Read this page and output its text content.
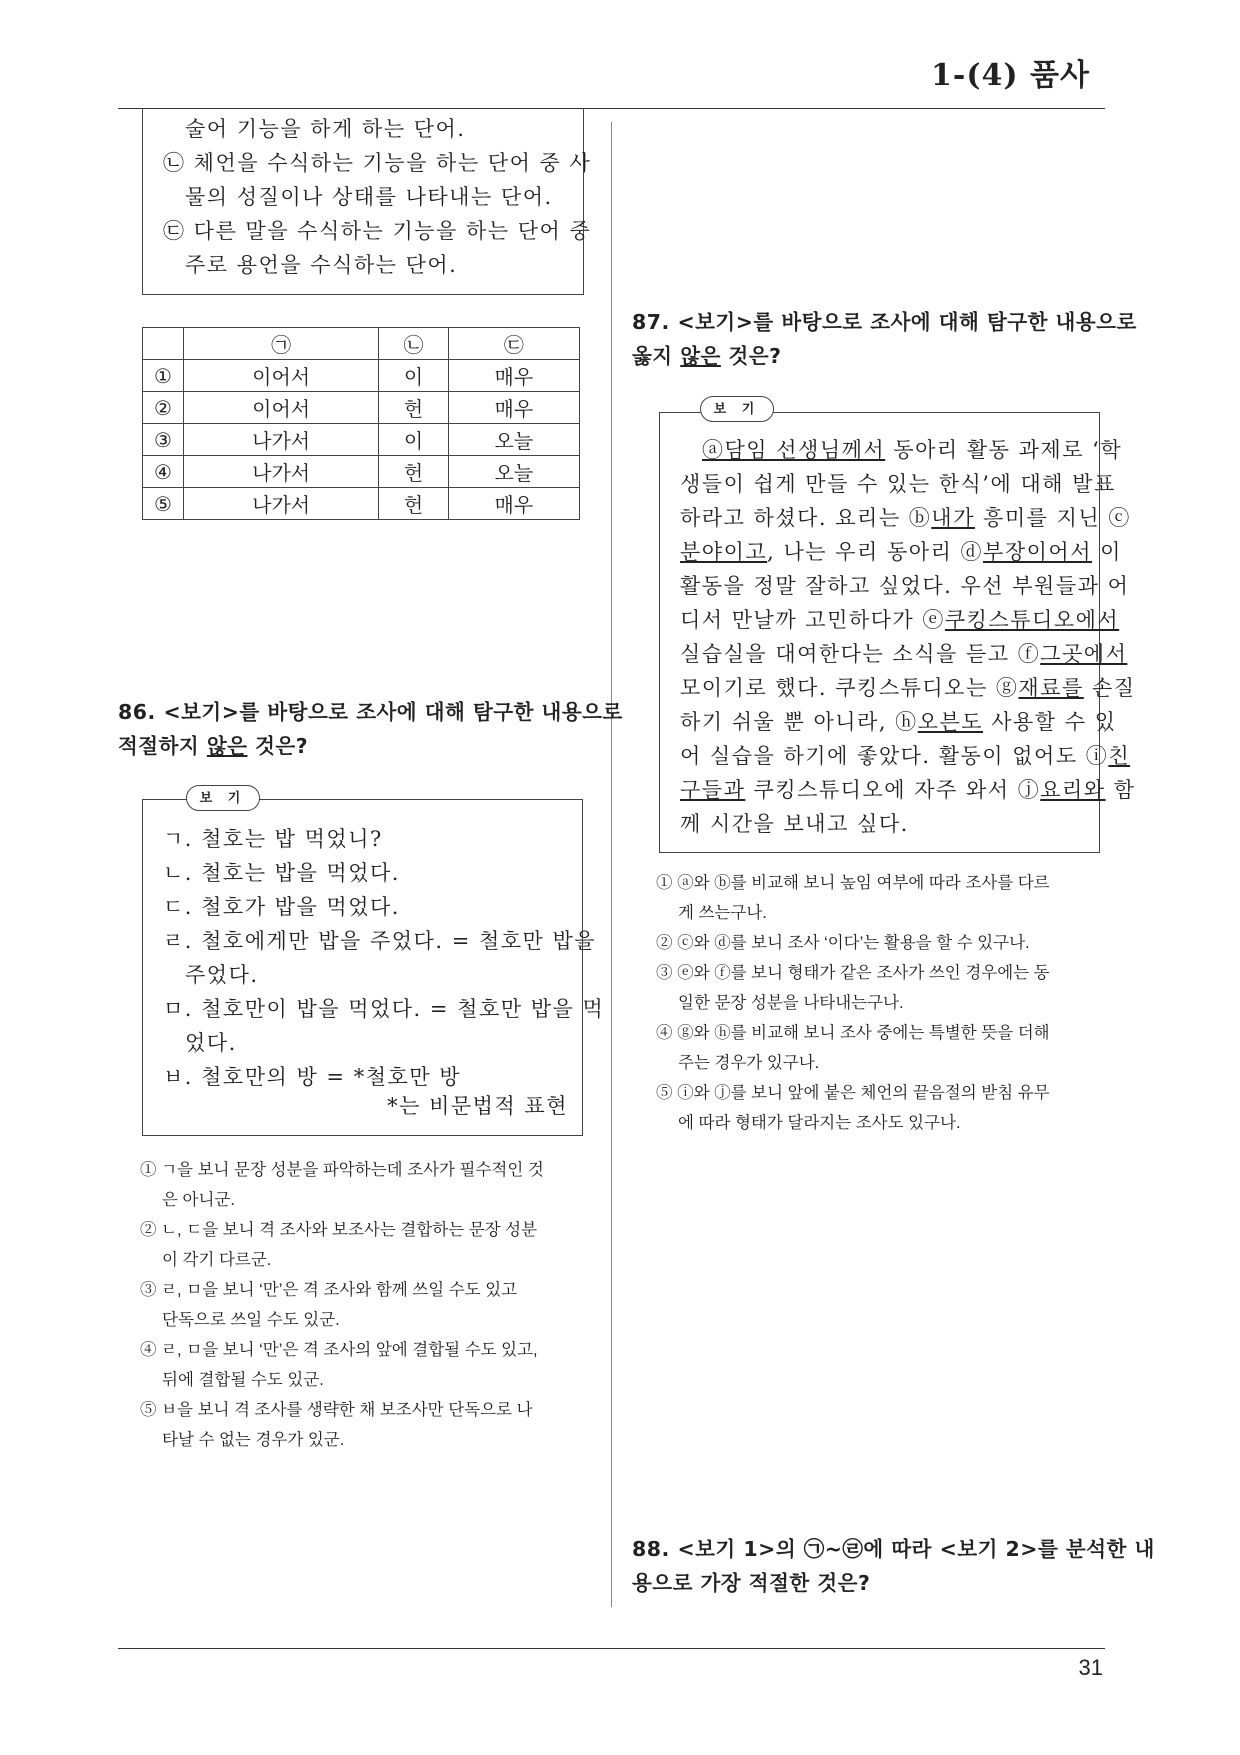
1-(4) 품사
술어 기능을 하게 하는 단어.
㉡ 체언을 수식하는 기능을 하는 단어 중 사
물의 성질이나 상태를 나타내는 단어.
㉢ 다른 말을 수식하는 기능을 하는 단어 중
주로 용언을 수식하는 단어.
	㉠	㉡	㉢
①	이어서	이	매우
②	이어서	헌	매우
③	나가서	이	오늘
④	나가서	헌	오늘
⑤	나가서	헌	매우
86. <보기>를 바탕으로 조사에 대해 탐구한 내용으로
적절하지 않은 것은?
보 기
ㄱ. 철호는 밥 먹었니?
ㄴ. 철호는 밥을 먹었다.
ㄷ. 철호가 밥을 먹었다.
ㄹ. 철호에게만 밥을 주었다. = 철호만 밥을
주었다.
ㅁ. 철호만이 밥을 먹었다. = 철호만 밥을 먹
었다.
ㅂ. 철호만의 방 = *철호만 방
*는 비문법적 표현
① ㄱ을 보니 문장 성분을 파악하는데 조사가 필수적인 것
은 아니군.
② ㄴ, ㄷ을 보니 격 조사와 보조사는 결합하는 문장 성분
이 각기 다르군.
③ ㄹ, ㅁ을 보니 ‘만’은 격 조사와 함께 쓰일 수도 있고
단독으로 쓰일 수도 있군.
④ ㄹ, ㅁ을 보니 ‘만’은 격 조사의 앞에 결합될 수도 있고,
뒤에 결합될 수도 있군.
⑤ ㅂ을 보니 격 조사를 생략한 채 보조사만 단독으로 나
타날 수 없는 경우가 있군.
87. <보기>를 바탕으로 조사에 대해 탐구한 내용으로
옳지 않은 것은?
보 기
ⓐ담임 선생님께서 동아리 활동 과제로 ‘학
생들이 쉽게 만들 수 있는 한식’에 대해 발표
하라고 하셨다. 요리는 ⓑ내가 흥미를 지닌 ⓒ
분야이고, 나는 우리 동아리 ⓓ부장이어서 이
활동을 정말 잘하고 싶었다. 우선 부원들과 어
디서 만날까 고민하다가 ⓔ쿠킹스튜디오에서
실습실을 대여한다는 소식을 듣고 ⓕ그곳에서
모이기로 했다. 쿠킹스튜디오는 ⓖ재료를 손질
하기 쉬울 뿐 아니라, ⓗ오븐도 사용할 수 있
어 실습을 하기에 좋았다. 활동이 없어도 ⓘ친
구들과 쿠킹스튜디오에 자주 와서 ⓙ요리와 함
께 시간을 보내고 싶다.
① ⓐ와 ⓑ를 비교해 보니 높임 여부에 따라 조사를 다르
게 쓰는구나.
② ⓒ와 ⓓ를 보니 조사 ‘이다’는 활용을 할 수 있구나.
③ ⓔ와 ⓕ를 보니 형태가 같은 조사가 쓰인 경우에는 동
일한 문장 성분을 나타내는구나.
④ ⓖ와 ⓗ를 비교해 보니 조사 중에는 특별한 뜻을 더해
주는 경우가 있구나.
⑤ ⓘ와 ⓙ를 보니 앞에 붙은 체언의 끝음절의 받침 유무
에 따라 형태가 달라지는 조사도 있구나.
88. <보기 1>의 ㉠~㉣에 따라 <보기 2>를 분석한 내
용으로 가장 적절한 것은?
31
